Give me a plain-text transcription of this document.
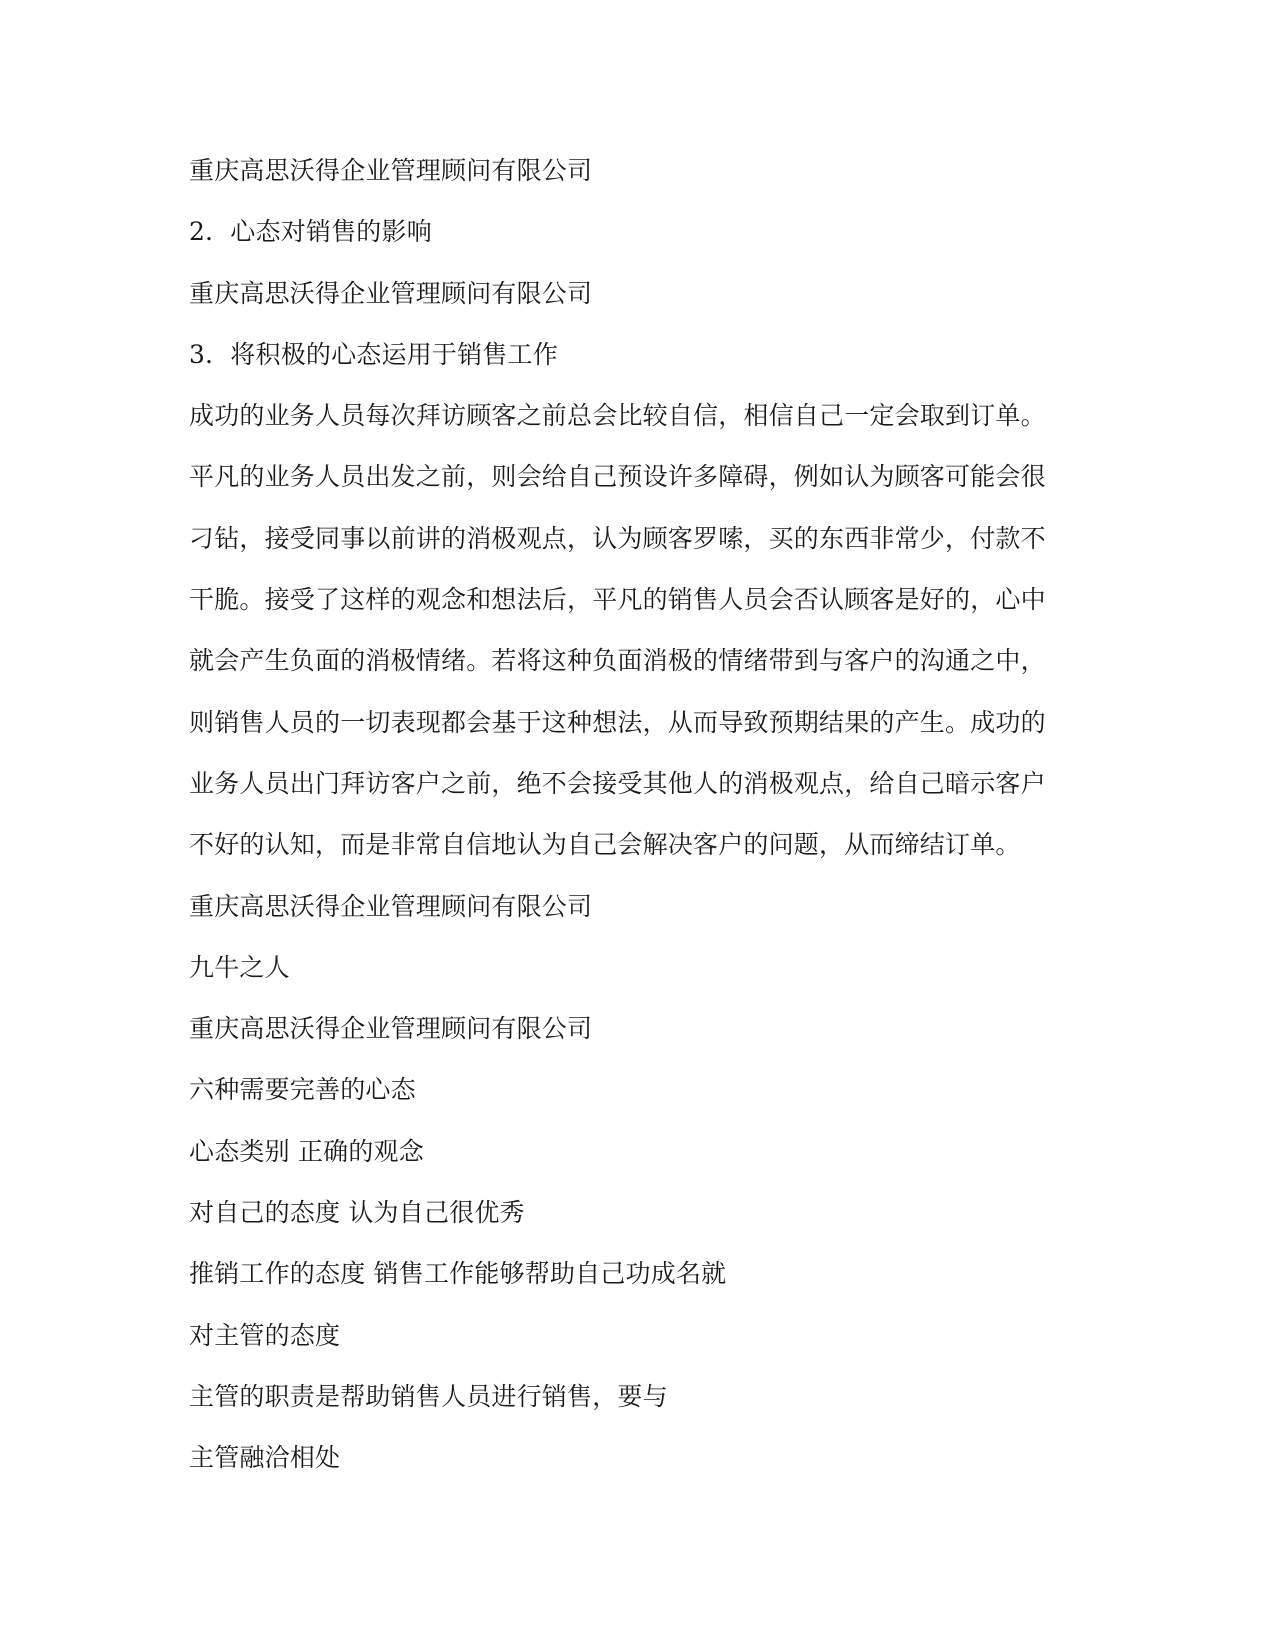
重庆高思沃得企业管理顾问有限公司
2．心态对销售的影响
重庆高思沃得企业管理顾问有限公司
3．将积极的心态运用于销售工作
成功的业务人员每次拜访顾客之前总会比较自信，相信自己一定会取到订单。
平凡的业务人员出发之前，则会给自己预设许多障碍，例如认为顾客可能会很
刁钻，接受同事以前讲的消极观点，认为顾客罗嗦，买的东西非常少，付款不
干脆。接受了这样的观念和想法后，平凡的销售人员会否认顾客是好的，心中
就会产生负面的消极情绪。若将这种负面消极的情绪带到与客户的沟通之中，
则销售人员的一切表现都会基于这种想法，从而导致预期结果的产生。成功的
业务人员出门拜访客户之前，绝不会接受其他人的消极观点，给自己暗示客户
不好的认知，而是非常自信地认为自己会解决客户的问题，从而缔结订单。
重庆高思沃得企业管理顾问有限公司
九牛之人
重庆高思沃得企业管理顾问有限公司
六种需要完善的心态
心态类别 正确的观念
对自己的态度 认为自己很优秀
推销工作的态度 销售工作能够帮助自己功成名就
对主管的态度
主管的职责是帮助销售人员进行销售，要与
主管融洽相处
